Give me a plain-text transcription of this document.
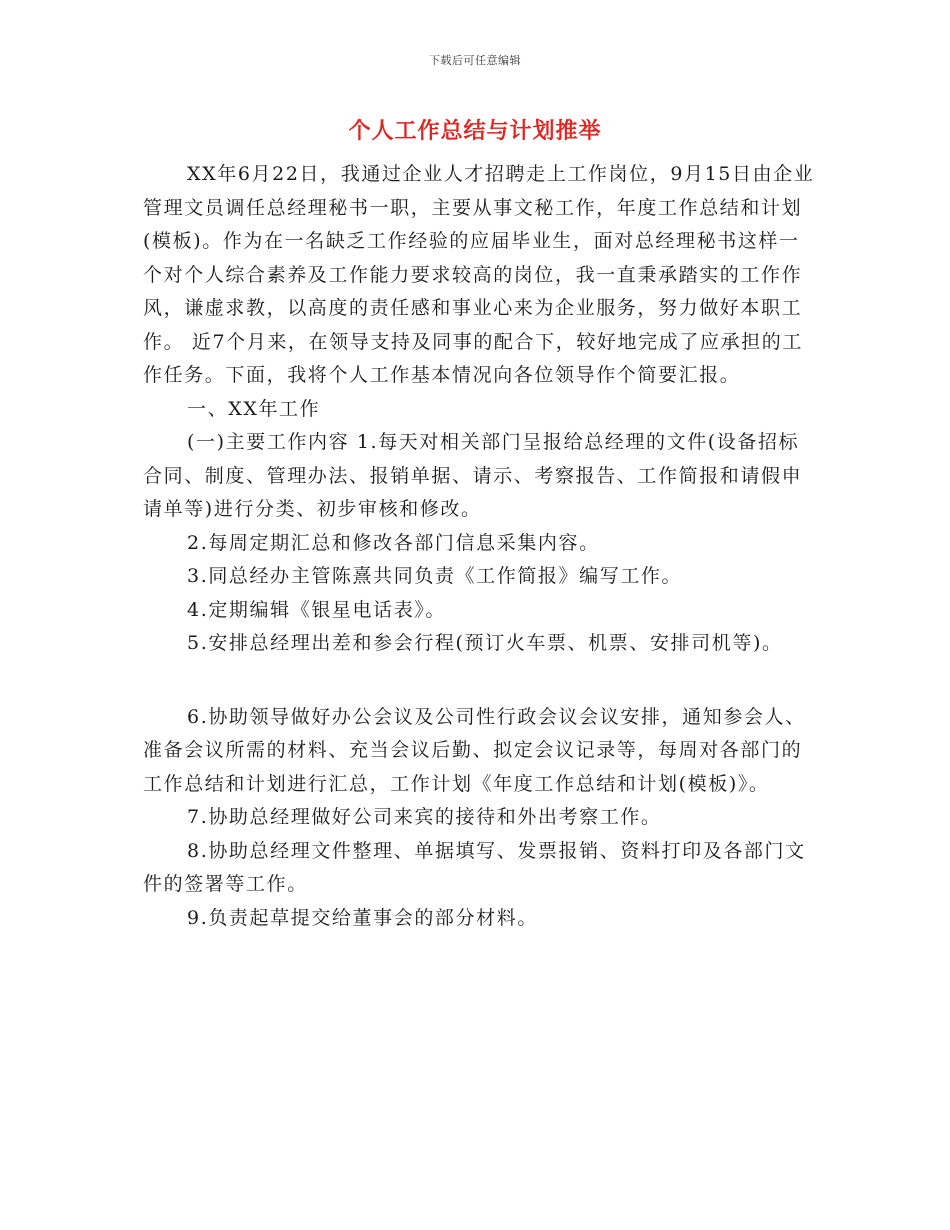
下载后可任意编辑
个人工作总结与计划推举

XX年6月22日，我通过企业人才招聘走上工作岗位，9月15日由企业管理文员调任总经理秘书一职，主要从事文秘工作，年度工作总结和计划(模板)。作为在一名缺乏工作经验的应届毕业生，面对总经理秘书这样一个对个人综合素养及工作能力要求较高的岗位，我一直秉承踏实的工作作风，谦虚求教，以高度的责任感和事业心来为企业服务，努力做好本职工作。 近7个月来，在领导支持及同事的配合下，较好地完成了应承担的工作任务。下面，我将个人工作基本情况向各位领导作个简要汇报。

一、XX年工作

(一)主要工作内容 1.每天对相关部门呈报给总经理的文件(设备招标合同、制度、管理办法、报销单据、请示、考察报告、工作简报和请假申请单等)进行分类、初步审核和修改。

2.每周定期汇总和修改各部门信息采集内容。

3.同总经办主管陈熹共同负责《工作简报》编写工作。

4.定期编辑《银星电话表》。

5.安排总经理出差和参会行程(预订火车票、机票、安排司机等)。

6.协助领导做好办公会议及公司性行政会议会议安排，通知参会人、准备会议所需的材料、充当会议后勤、拟定会议记录等，每周对各部门的工作总结和计划进行汇总，工作计划《年度工作总结和计划(模板)》。

7.协助总经理做好公司来宾的接待和外出考察工作。

8.协助总经理文件整理、单据填写、发票报销、资料打印及各部门文件的签署等工作。

9.负责起草提交给董事会的部分材料。
